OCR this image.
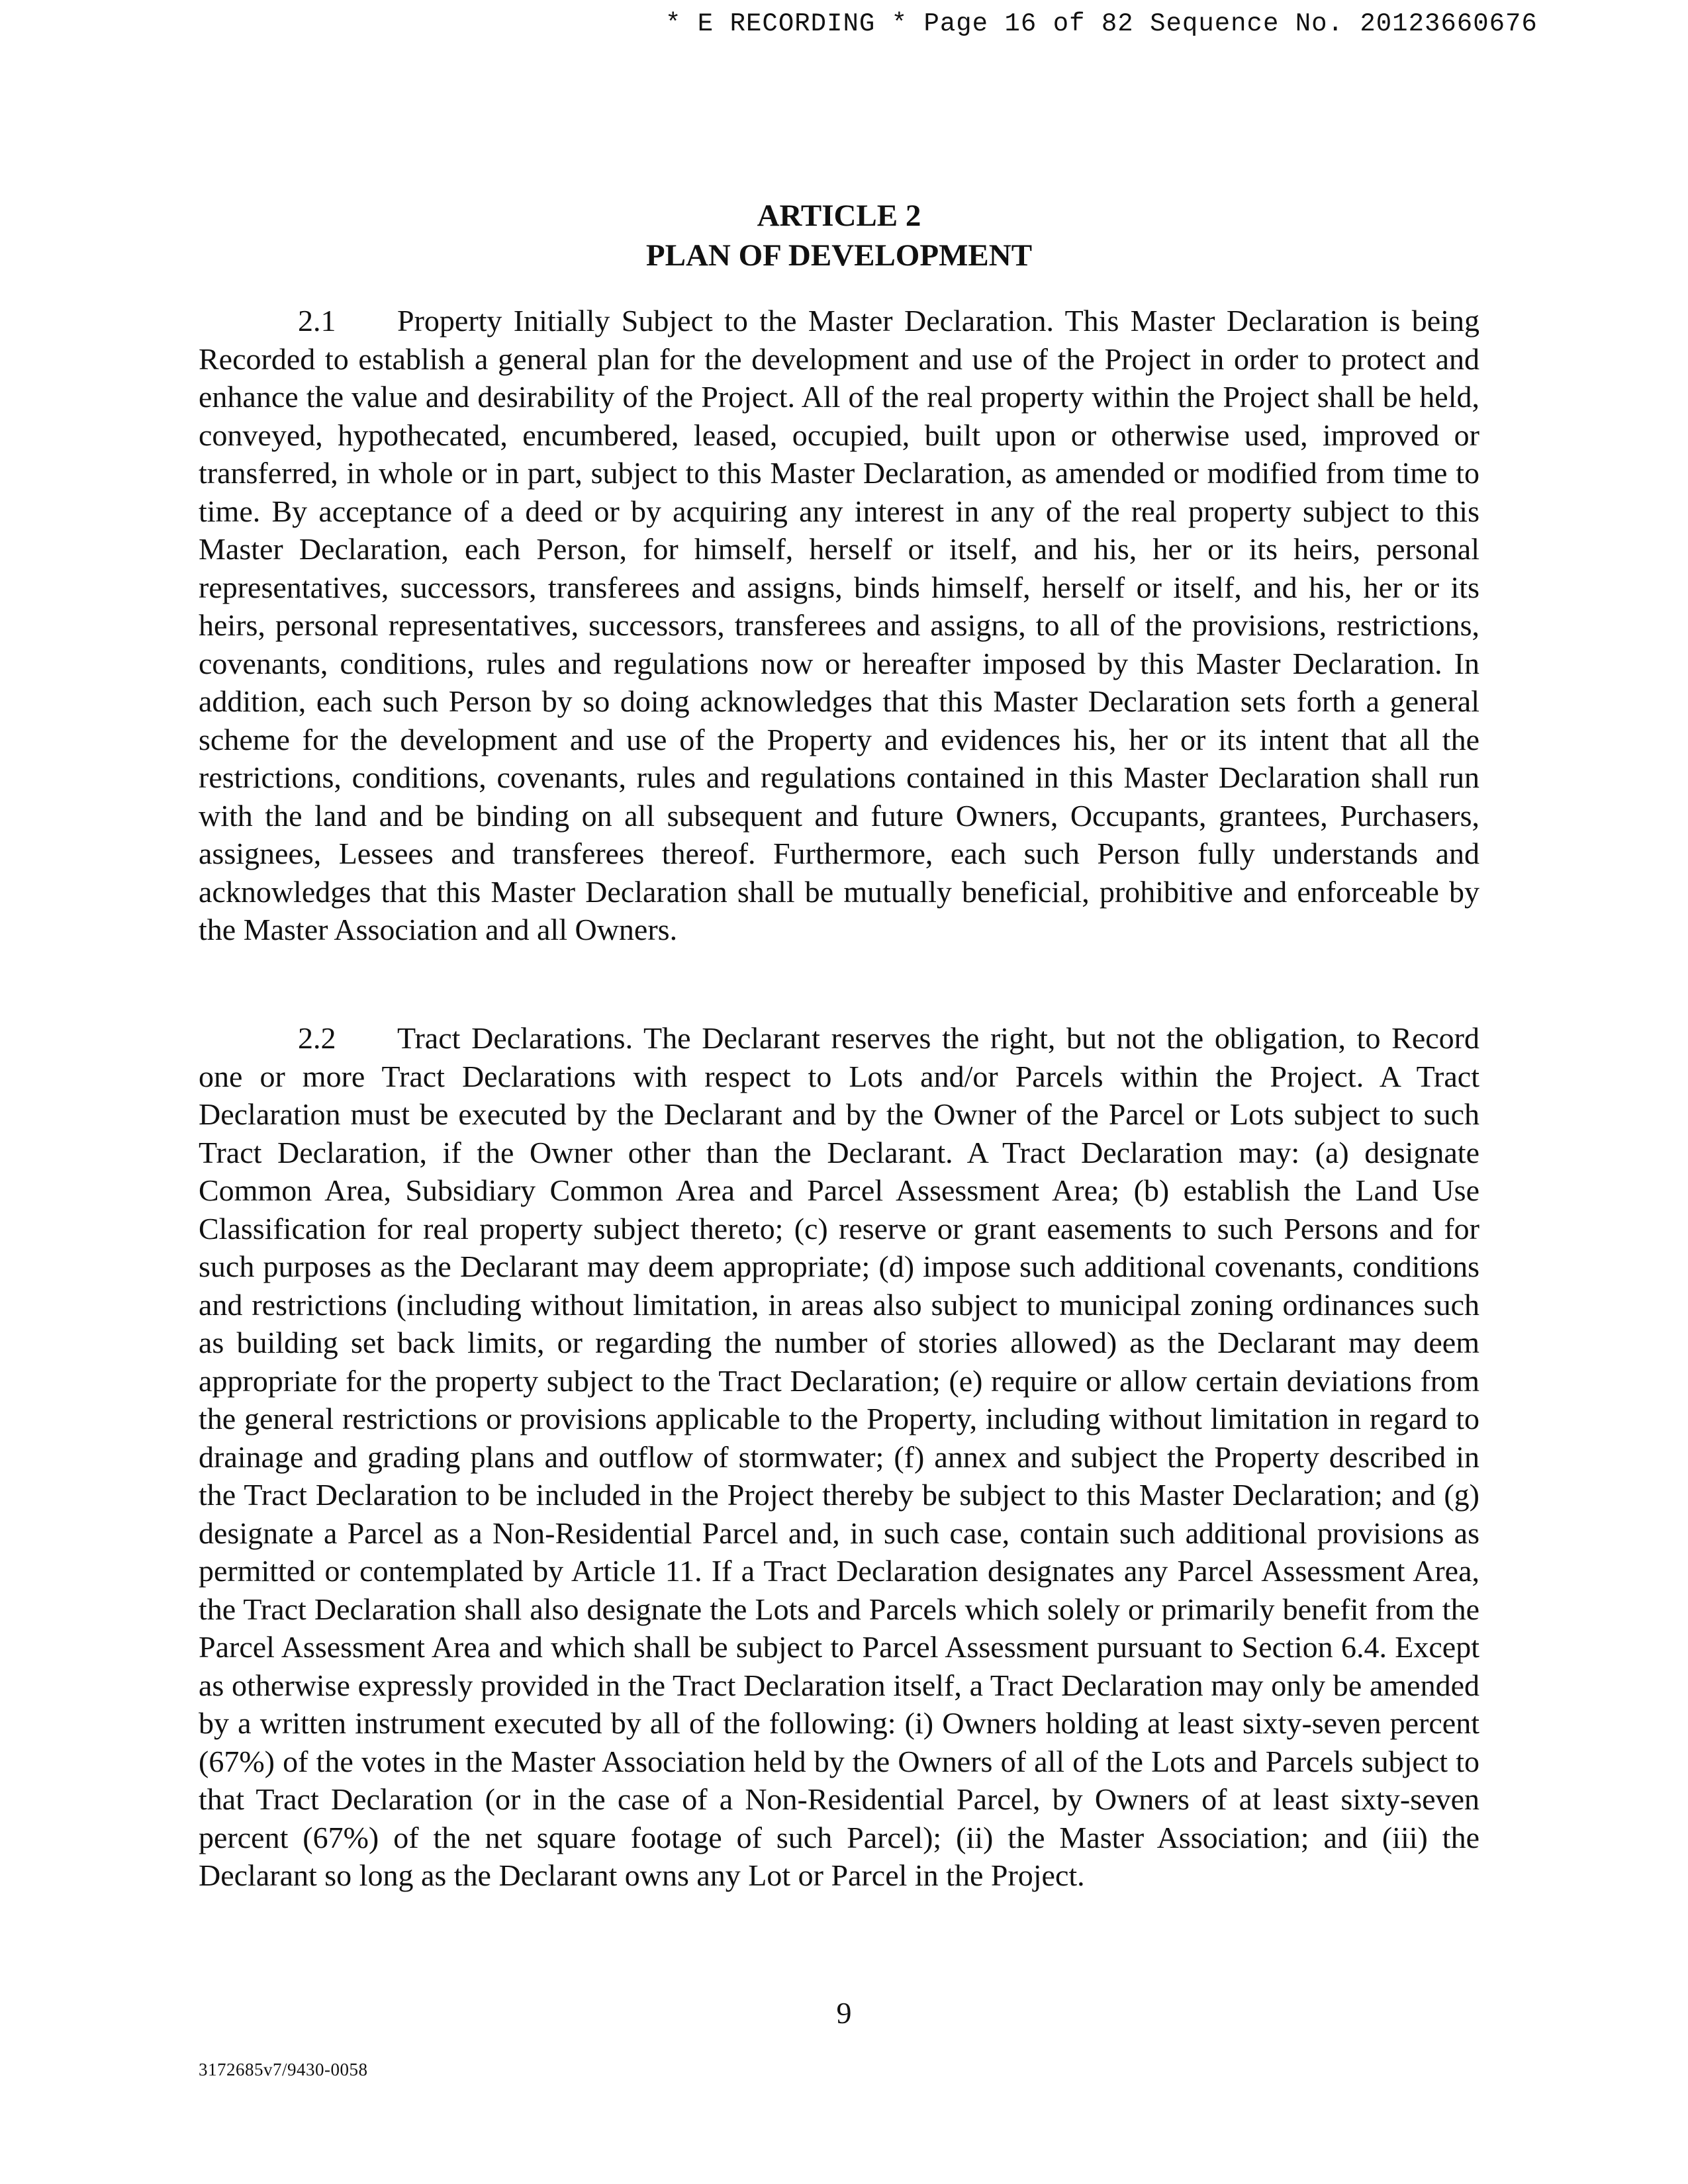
* E RECORDING * Page 16 of 82 Sequence No. 20123660676
ARTICLE 2
PLAN OF DEVELOPMENT

2.1 Property Initially Subject to the Master Declaration. This Master Declaration is being Recorded to establish a general plan for the development and use of the Project in order to protect and enhance the value and desirability of the Project. All of the real property within the Project shall be held, conveyed, hypothecated, encumbered, leased, occupied, built upon or otherwise used, improved or transferred, in whole or in part, subject to this Master Declaration, as amended or modified from time to time. By acceptance of a deed or by acquiring any interest in any of the real property subject to this Master Declaration, each Person, for himself, herself or itself, and his, her or its heirs, personal representatives, successors, transferees and assigns, binds himself, herself or itself, and his, her or its heirs, personal representatives, successors, transferees and assigns, to all of the provisions, restrictions, covenants, conditions, rules and regulations now or hereafter imposed by this Master Declaration. In addition, each such Person by so doing acknowledges that this Master Declaration sets forth a general scheme for the development and use of the Property and evidences his, her or its intent that all the restrictions, conditions, covenants, rules and regulations contained in this Master Declaration shall run with the land and be binding on all subsequent and future Owners, Occupants, grantees, Purchasers, assignees, Lessees and transferees thereof. Furthermore, each such Person fully understands and acknowledges that this Master Declaration shall be mutually beneficial, prohibitive and enforceable by the Master Association and all Owners.

2.2 Tract Declarations. The Declarant reserves the right, but not the obligation, to Record one or more Tract Declarations with respect to Lots and/or Parcels within the Project. A Tract Declaration must be executed by the Declarant and by the Owner of the Parcel or Lots subject to such Tract Declaration, if the Owner other than the Declarant. A Tract Declaration may: (a) designate Common Area, Subsidiary Common Area and Parcel Assessment Area; (b) establish the Land Use Classification for real property subject thereto; (c) reserve or grant easements to such Persons and for such purposes as the Declarant may deem appropriate; (d) impose such additional covenants, conditions and restrictions (including without limitation, in areas also subject to municipal zoning ordinances such as building set back limits, or regarding the number of stories allowed) as the Declarant may deem appropriate for the property subject to the Tract Declaration; (e) require or allow certain deviations from the general restrictions or provisions applicable to the Property, including without limitation in regard to drainage and grading plans and outflow of stormwater; (f) annex and subject the Property described in the Tract Declaration to be included in the Project thereby be subject to this Master Declaration; and (g) designate a Parcel as a Non-Residential Parcel and, in such case, contain such additional provisions as permitted or contemplated by Article 11. If a Tract Declaration designates any Parcel Assessment Area, the Tract Declaration shall also designate the Lots and Parcels which solely or primarily benefit from the Parcel Assessment Area and which shall be subject to Parcel Assessment pursuant to Section 6.4. Except as otherwise expressly provided in the Tract Declaration itself, a Tract Declaration may only be amended by a written instrument executed by all of the following: (i) Owners holding at least sixty-seven percent (67%) of the votes in the Master Association held by the Owners of all of the Lots and Parcels subject to that Tract Declaration (or in the case of a Non-Residential Parcel, by Owners of at least sixty-seven percent (67%) of the net square footage of such Parcel); (ii) the Master Association; and (iii) the Declarant so long as the Declarant owns any Lot or Parcel in the Project.

9
3172685v7/9430-0058
